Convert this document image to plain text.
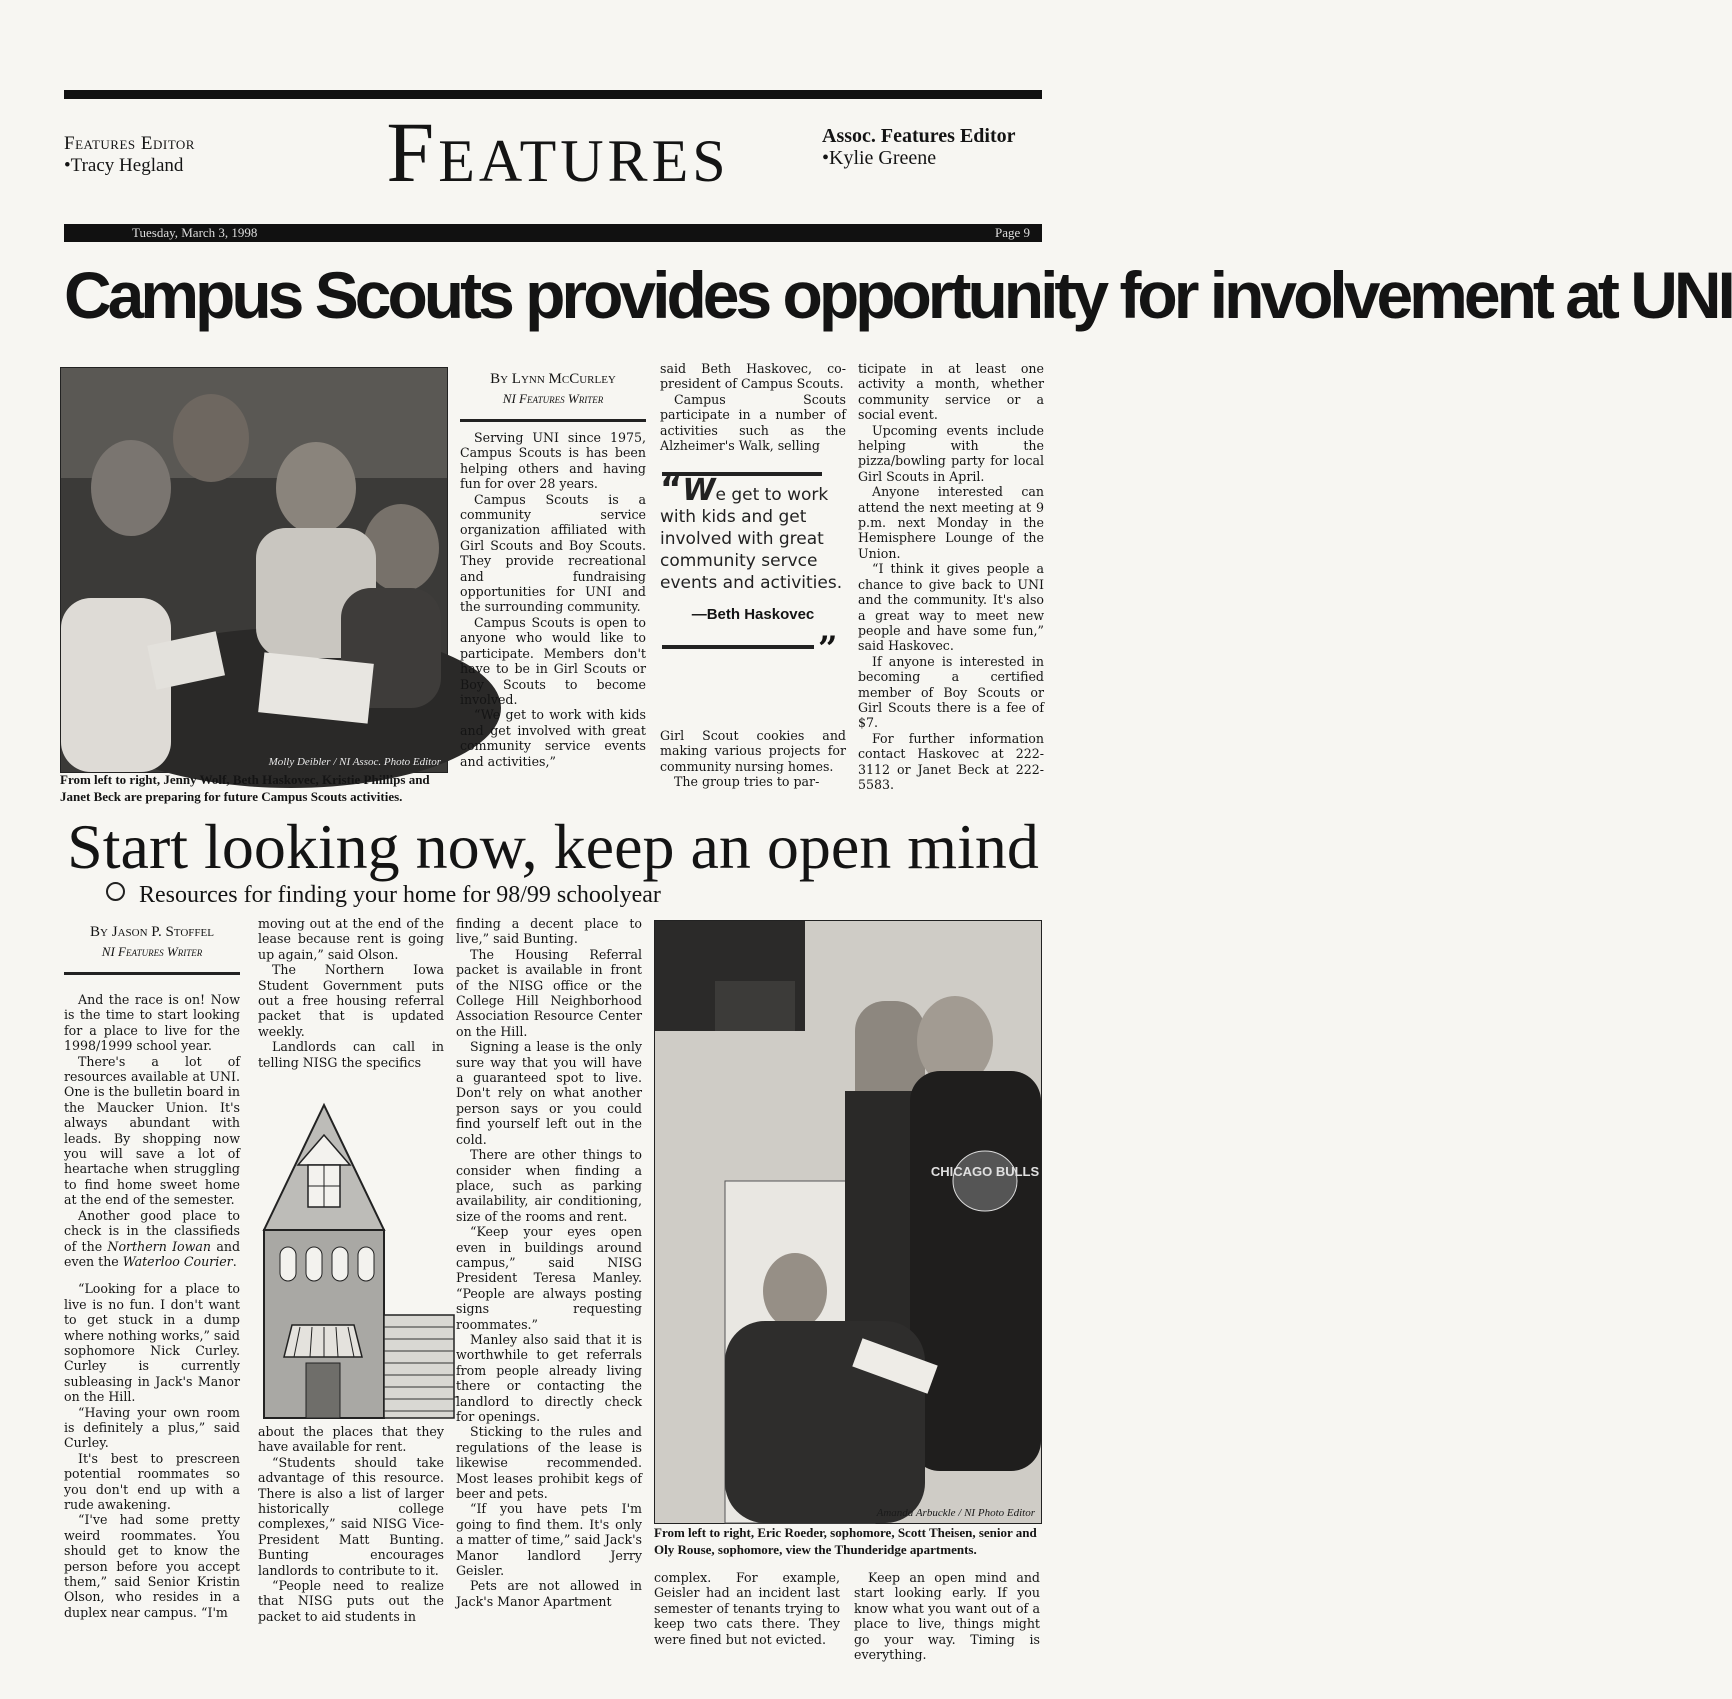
Features Editor
•Tracy Hegland	Features	Assoc. Features Editor
•Kylie Greene
Tuesday, March 3, 1998	Page 9
Campus Scouts provides opportunity for involvement at UNI
Molly Deibler / NI Assoc. Photo Editor
From left to right, Jenny Wolf, Beth Haskovec, Kristie Phillips and Janet Beck are preparing for future Campus Scouts activities.
By Lynn McCurley
NI Features Writer

Serving UNI since 1975, Campus Scouts is has been helping others and having fun for over 28 years.

Campus Scouts is a community service organization affiliated with Girl Scouts and Boy Scouts. They provide recreational and fundraising opportunities for UNI and the surrounding community.

Campus Scouts is open to anyone who would like to participate. Members don't have to be in Girl Scouts or Boy Scouts to become involved.

“We get to work with kids and get involved with great community service events and activities,”

said Beth Haskovec, co-president of Campus Scouts.

Campus Scouts participate in a number of activities such as the Alzheimer's Walk, selling

“We get to work with kids and get involved with great community servce events and activities.
—Beth Haskovec
”

Girl Scout cookies and making various projects for community nursing homes.

The group tries to par-

ticipate in at least one activity a month, whether community service or a social event.

Upcoming events include helping with the pizza/bowling party for local Girl Scouts in April.

Anyone interested can attend the next meeting at 9 p.m. next Monday in the Hemisphere Lounge of the Union.

“I think it gives people a chance to give back to UNI and the community. It's also a great way to meet new people and have some fun,” said Haskovec.

If anyone is interested in becoming a certified member of Boy Scouts or Girl Scouts there is a fee of $7.

For further information contact Haskovec at 222-3112 or Janet Beck at 222-5583.

Start looking now, keep an open mind
Resources for finding your home for 98/99 schoolyear
By Jason P. Stoffel
NI Features Writer

And the race is on! Now is the time to start looking for a place to live for the 1998/1999 school year.

There's a lot of resources available at UNI. One is the bulletin board in the Maucker Union. It's always abundant with leads. By shopping now you will save a lot of heartache when struggling to find home sweet home at the end of the semester.

Another good place to check is in the classifieds of the Northern Iowan and even the Waterloo Courier.

“Looking for a place to live is no fun. I don't want to get stuck in a dump where nothing works,” said sophomore Nick Curley. Curley is currently subleasing in Jack's Manor on the Hill.

“Having your own room is definitely a plus,” said Curley.

It's best to prescreen potential roommates so you don't end up with a rude awakening.

“I've had some pretty weird roommates. You should get to know the person before you accept them,” said Senior Kristin Olson, who resides in a duplex near campus. “I'm

moving out at the end of the lease because rent is going up again,” said Olson.

The Northern Iowa Student Government puts out a free housing referral packet that is updated weekly.

Landlords can call in telling NISG the specifics

about the places that they have available for rent.

“Students should take advantage of this resource. There is also a list of larger historically college complexes,” said NISG Vice-President Matt Bunting. Bunting encourages landlords to contribute to it.

“People need to realize that NISG puts out the packet to aid students in

finding a decent place to live,” said Bunting.

The Housing Referral packet is available in front of the NISG office or the College Hill Neighborhood Association Resource Center on the Hill.

Signing a lease is the only sure way that you will have a guaranteed spot to live. Don't rely on what another person says or you could find yourself left out in the cold.

There are other things to consider when finding a place, such as parking availability, air conditioning, size of the rooms and rent.

“Keep your eyes open even in buildings around campus,” said NISG President Teresa Manley. “People are always posting signs requesting roommates.”

Manley also said that it is worthwhile to get referrals from people already living there or contacting the landlord to directly check for openings.

Sticking to the rules and regulations of the lease is likewise recommended. Most leases prohibit kegs of beer and pets.

“If you have pets I'm going to find them. It's only a matter of time,” said Jack's Manor landlord Jerry Geisler.

Pets are not allowed in Jack's Manor Apartment

CHICAGO BULLS
Amanda Arbuckle / NI Photo Editor
From left to right, Eric Roeder, sophomore, Scott Theisen, senior and Oly Rouse, sophomore, view the Thunderidge apartments.

complex. For example, Geisler had an incident last semester of tenants trying to keep two cats there. They were fined but not evicted.

Keep an open mind and start looking early. If you know what you want out of a place to live, things might go your way. Timing is everything.
